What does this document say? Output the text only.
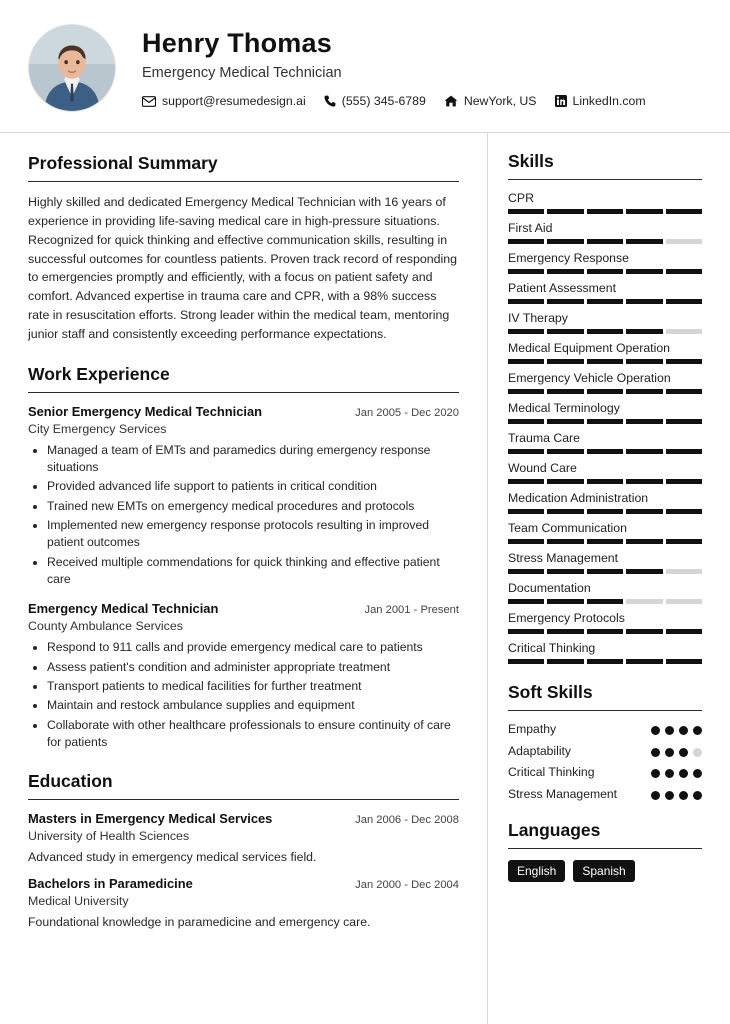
Henry Thomas
Emergency Medical Technician
support@resumedesign.ai	(555) 345-6789	NewYork, US	LinkedIn.com
Professional Summary
Highly skilled and dedicated Emergency Medical Technician with 16 years of experience in providing life-saving medical care in high-pressure situations. Recognized for quick thinking and effective communication skills, resulting in successful outcomes for countless patients. Proven track record of responding to emergencies promptly and efficiently, with a focus on patient safety and comfort. Advanced expertise in trauma care and CPR, with a 98% success rate in resuscitation efforts. Strong leader within the medical team, mentoring junior staff and consistently exceeding performance expectations.
Work Experience
Senior Emergency Medical Technician	Jan 2005 - Dec 2020
City Emergency Services
• Managed a team of EMTs and paramedics during emergency response situations
• Provided advanced life support to patients in critical condition
• Trained new EMTs on emergency medical procedures and protocols
• Implemented new emergency response protocols resulting in improved patient outcomes
• Received multiple commendations for quick thinking and effective patient care
Emergency Medical Technician	Jan 2001 - Present
County Ambulance Services
• Respond to 911 calls and provide emergency medical care to patients
• Assess patient's condition and administer appropriate treatment
• Transport patients to medical facilities for further treatment
• Maintain and restock ambulance supplies and equipment
• Collaborate with other healthcare professionals to ensure continuity of care for patients
Education
Masters in Emergency Medical Services	Jan 2006 - Dec 2008
University of Health Sciences
Advanced study in emergency medical services field.
Bachelors in Paramedicine	Jan 2000 - Dec 2004
Medical University
Foundational knowledge in paramedicine and emergency care.
Skills
CPR
First Aid
Emergency Response
Patient Assessment
IV Therapy
Medical Equipment Operation
Emergency Vehicle Operation
Medical Terminology
Trauma Care
Wound Care
Medication Administration
Team Communication
Stress Management
Documentation
Emergency Protocols
Critical Thinking
Soft Skills
Empathy
Adaptability
Critical Thinking
Stress Management
Languages
English	Spanish
